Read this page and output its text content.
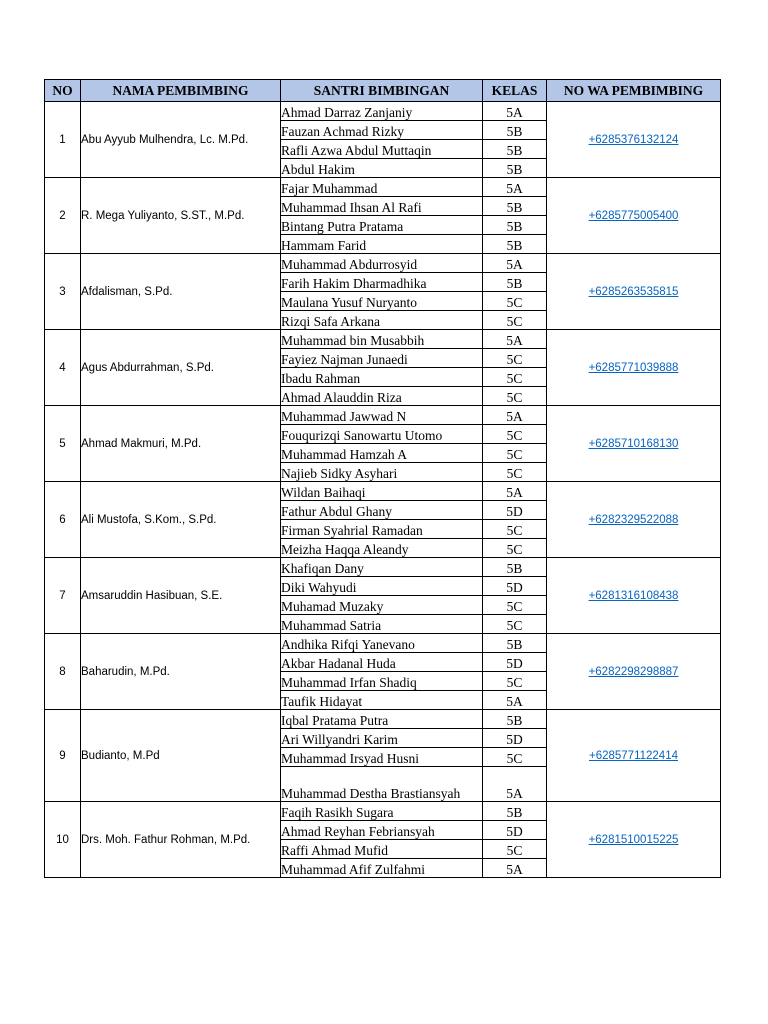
NO	NAMA PEMBIMBING	SANTRI BIMBINGAN	KELAS	NO WA PEMBIMBING
1	Abu Ayyub Mulhendra, Lc. M.Pd.	Ahmad Darraz Zanjaniy	5A	+6285376132124
		Fauzan Achmad Rizky	5B	
		Rafli Azwa Abdul Muttaqin	5B	
		Abdul Hakim	5B	
2	R. Mega Yuliyanto, S.ST., M.Pd.	Fajar Muhammad	5A	+6285775005400
		Muhammad Ihsan Al Rafi	5B	
		Bintang Putra Pratama	5B	
		Hammam Farid	5B	
3	Afdalisman, S.Pd.	Muhammad Abdurrosyid	5A	+6285263535815
		Farih Hakim Dharmadhika	5B	
		Maulana Yusuf Nuryanto	5C	
		Rizqi Safa Arkana	5C	
4	Agus Abdurrahman, S.Pd.	Muhammad bin Musabbih	5A	+6285771039888
		Fayiez Najman Junaedi	5C	
		Ibadu Rahman	5C	
		Ahmad Alauddin Riza	5C	
5	Ahmad Makmuri, M.Pd.	Muhammad Jawwad N	5A	+6285710168130
		Fouqurizqi Sanowartu Utomo	5C	
		Muhammad Hamzah A	5C	
		Najieb Sidky Asyhari	5C	
6	Ali Mustofa, S.Kom., S.Pd.	Wildan Baihaqi	5A	+6282329522088
		Fathur Abdul Ghany	5D	
		Firman Syahrial Ramadan	5C	
		Meizha Haqqa Aleandy	5C	
7	Amsaruddin Hasibuan, S.E.	Khafiqan Dany	5B	+6281316108438
		Diki Wahyudi	5D	
		Muhamad Muzaky	5C	
		Muhammad Satria	5C	
8	Baharudin, M.Pd.	Andhika Rifqi Yanevano	5B	+6282298298887
		Akbar Hadanal Huda	5D	
		Muhammad Irfan Shadiq	5C	
		Taufik Hidayat	5A	
9	Budianto, M.Pd	Iqbal Pratama Putra	5B	+6285771122414
		Ari Willyandri Karim	5D	
		Muhammad Irsyad Husni	5C	
		Muhammad Destha Brastiansyah	5A	
10	Drs. Moh. Fathur Rohman, M.Pd.	Faqih Rasikh Sugara	5B	+6281510015225
		Ahmad Reyhan Febriansyah	5D	
		Raffi Ahmad Mufid	5C	
		Muhammad Afif Zulfahmi	5A	
